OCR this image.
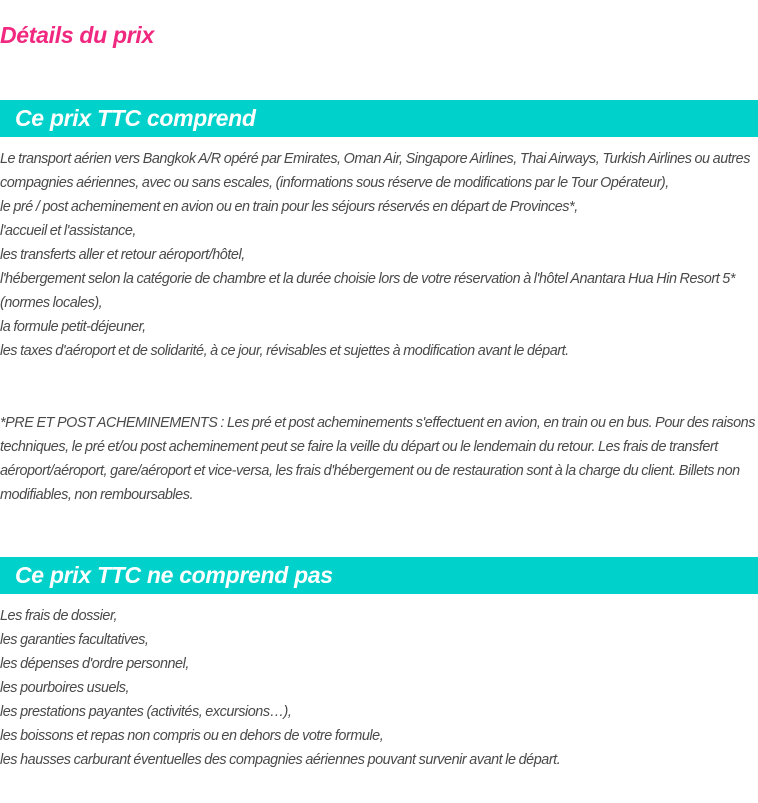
Détails du prix
Ce prix TTC comprend
Le transport aérien vers Bangkok A/R opéré par Emirates, Oman Air, Singapore Airlines, Thai Airways, Turkish Airlines ou autres compagnies aériennes, avec ou sans escales, (informations sous réserve de modifications par le Tour Opérateur),
le pré / post acheminement en avion ou en train pour les séjours réservés en départ de Provinces*,
l'accueil et l'assistance,
les transferts aller et retour aéroport/hôtel,
l'hébergement selon la catégorie de chambre et la durée choisie lors de votre réservation à l'hôtel Anantara Hua Hin Resort 5* (normes locales),
la formule petit-déjeuner,
les taxes d'aéroport et de solidarité, à ce jour, révisables et sujettes à modification avant le départ.

*PRE ET POST ACHEMINEMENTS : Les pré et post acheminements s'effectuent en avion, en train ou en bus. Pour des raisons techniques, le pré et/ou post acheminement peut se faire la veille du départ ou le lendemain du retour. Les frais de transfert aéroport/aéroport, gare/aéroport et vice-versa, les frais d'hébergement ou de restauration sont à la charge du client. Billets non modifiables, non remboursables.

Ce prix TTC ne comprend pas
Les frais de dossier,
les garanties facultatives,
les dépenses d'ordre personnel,
les pourboires usuels,
les prestations payantes (activités, excursions…),
les boissons et repas non compris ou en dehors de votre formule,
les hausses carburant éventuelles des compagnies aériennes pouvant survenir avant le départ.
